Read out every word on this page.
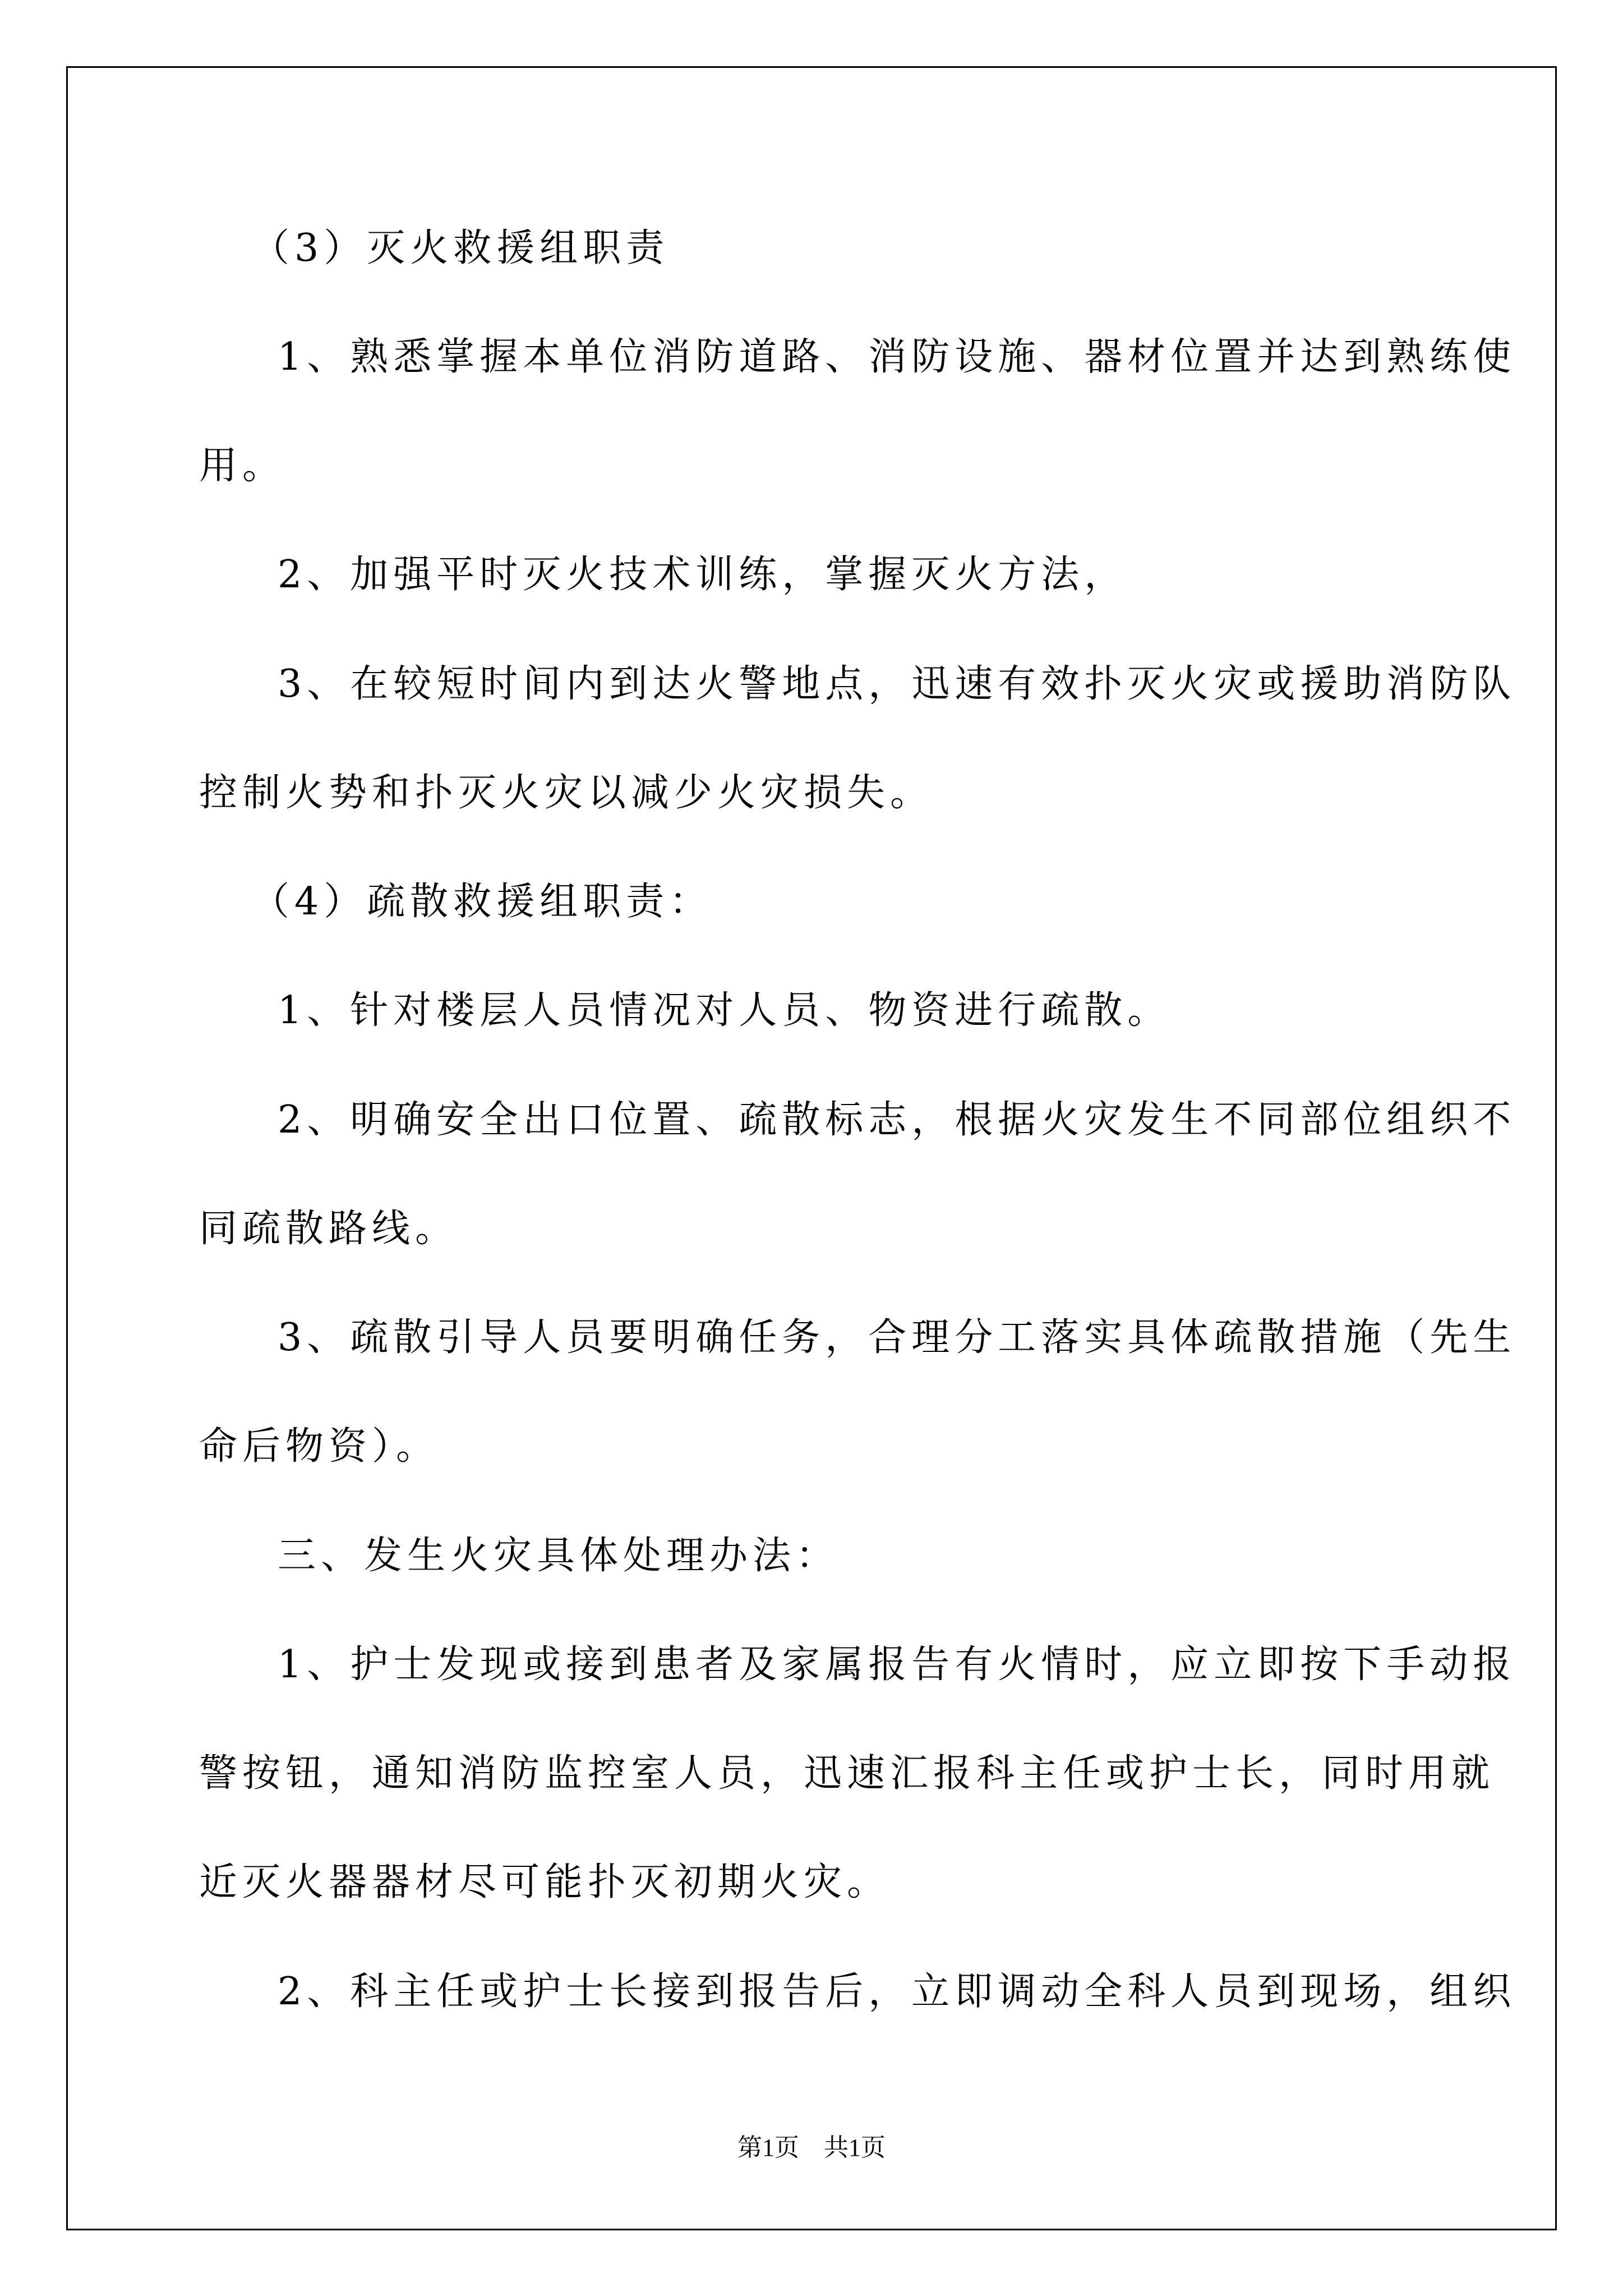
（3）灭火救援组职责

1、熟悉掌握本单位消防道路、消防设施、器材位置并达到熟练使

用。

2、加强平时灭火技术训练，掌握灭火方法，

3、在较短时间内到达火警地点，迅速有效扑灭火灾或援助消防队

控制火势和扑灭火灾以减少火灾损失。

（4）疏散救援组职责：

1、针对楼层人员情况对人员、物资进行疏散。

2、明确安全出口位置、疏散标志，根据火灾发生不同部位组织不

同疏散路线。

3、疏散引导人员要明确任务，合理分工落实具体疏散措施（先生

命后物资）。

三、发生火灾具体处理办法：

1、护士发现或接到患者及家属报告有火情时，应立即按下手动报

警按钮，通知消防监控室人员，迅速汇报科主任或护士长，同时用就

近灭火器器材尽可能扑灭初期火灾。

2、科主任或护士长接到报告后，立即调动全科人员到现场，组织

第1页　共1页
